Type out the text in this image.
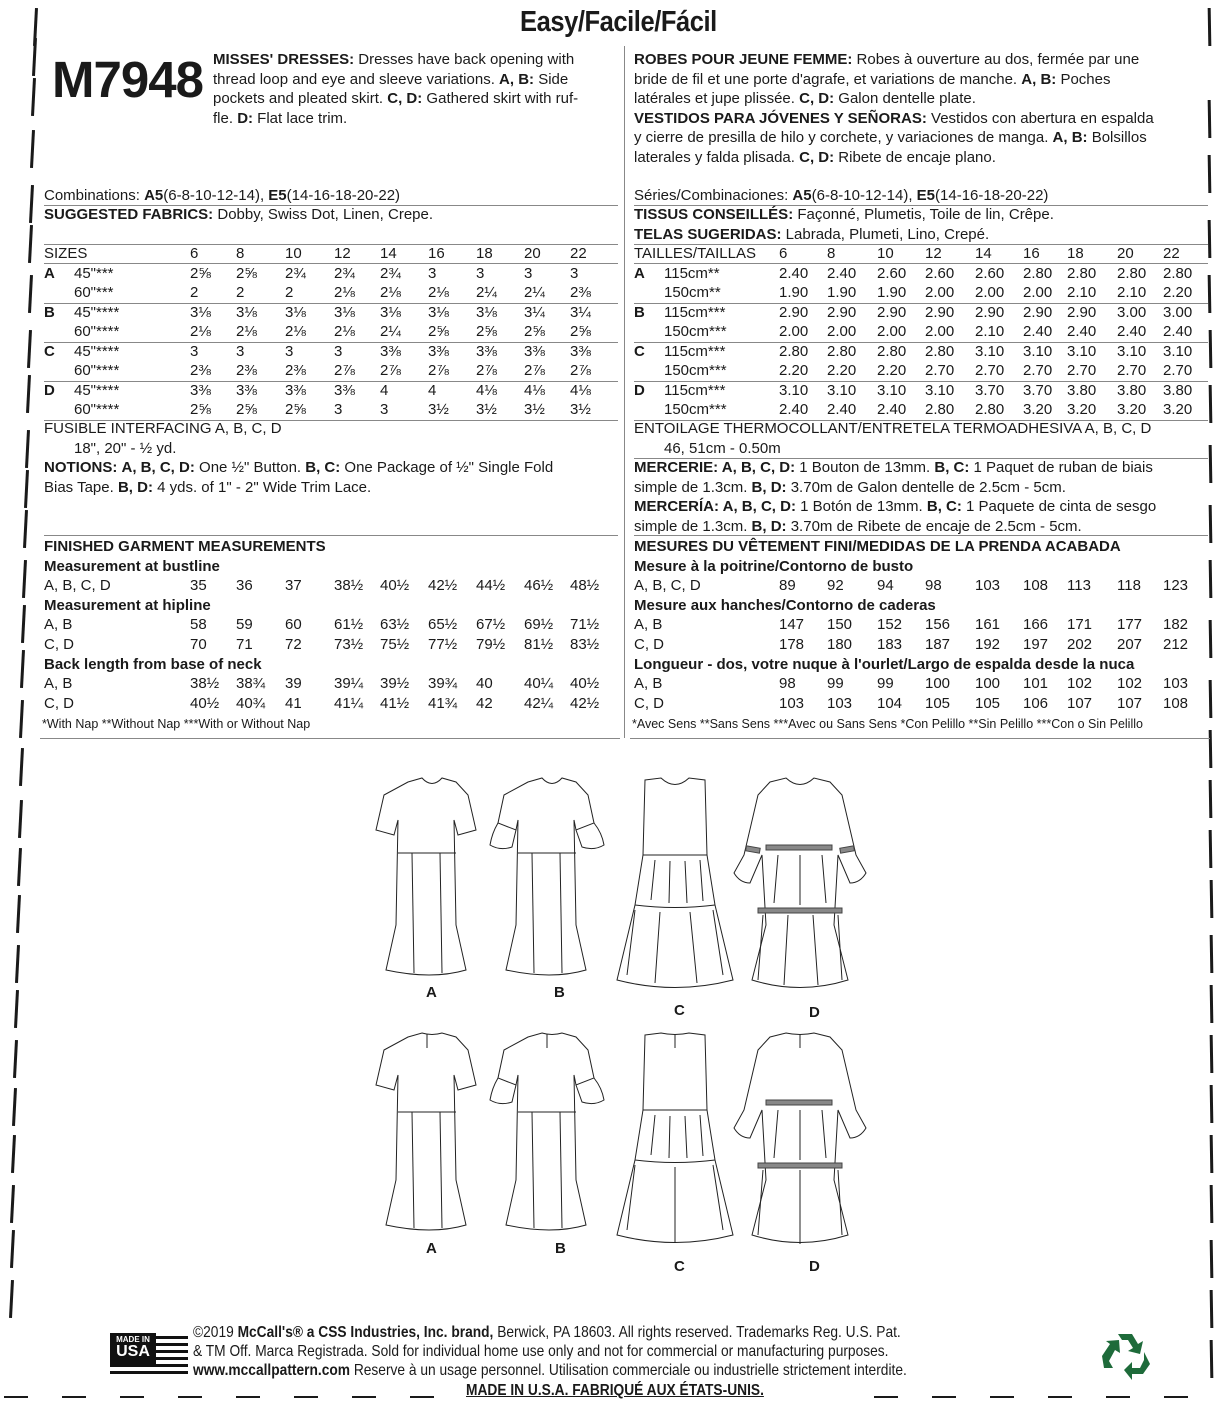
Easy/Facile/Fácil
M7948 MISSES' DRESSES: Dresses have back opening with
thread loop and eye and sleeve variations. A, B: Side
pockets and pleated skirt. C, D: Gathered skirt with ruf-
fle. D: Flat lace trim.
ROBES POUR JEUNE FEMME: Robes à ouverture au dos, fermée par une
bride de fil et une porte d'agrafe, et variations de manche. A, B: Poches
latérales et jupe plissée. C, D: Galon dentelle plate.
VESTIDOS PARA JÓVENES Y SEÑORAS: Vestidos con abertura en espalda
y cierre de presilla de hilo y corchete, y variaciones de manga. A, B: Bolsillos
laterales y falda plisada. C, D: Ribete de encaje plano.
Combinations: A5(6-8-10-12-14), E5(14-16-18-20-22)
SUGGESTED FABRICS: Dobby, Swiss Dot, Linen, Crepe.
SIZES	6	8	10 12 14 16 18 20 22
A 45"***	2⅝ 2⅝ 2¾ 2¾ 2¾ 3	3	3	3
60"***	2	2	2	2⅛ 2⅛ 2⅛ 2¼ 2¼ 2⅜
B 45"****	3⅛ 3⅛ 3⅛ 3⅛ 3⅛ 3⅛ 3⅛ 3¼ 3¼
60"****	2⅛ 2⅛ 2⅛ 2⅛ 2¼ 2⅝ 2⅝ 2⅝ 2⅝
C 45"****	3	3	3	3	3⅜ 3⅜ 3⅜ 3⅜ 3⅜
60"****	2⅜ 2⅜ 2⅜ 2⅞ 2⅞ 2⅞ 2⅞ 2⅞ 2⅞
D 45"****	3⅜ 3⅜ 3⅜ 3⅜ 4	4	4⅛ 4⅛ 4⅛
60"****	2⅝ 2⅝ 2⅝ 3	3	3½ 3½ 3½ 3½
FUSIBLE INTERFACING A, B, C, D
18", 20" - ½ yd.
NOTIONS: A, B, C, D: One ½" Button. B, C: One Package of ½" Single Fold
Bias Tape. B, D: 4 yds. of 1" - 2" Wide Trim Lace.
FINISHED GARMENT MEASUREMENTS
Measurement at bustline
A, B, C, D	35 36 37 38½ 40½ 42½ 44½ 46½ 48½
Measurement at hipline
A, B	58 59 60 61½ 63½ 65½ 67½ 69½ 71½
C, D	70 71 72 73½ 75½ 77½ 79½ 81½ 83½
Back length from base of neck
A, B	38½ 38¾ 39 39¼ 39½ 39¾ 40 40¼ 40½
C, D	40½ 40¾ 41 41¼ 41½ 41¾ 42 42¼ 42½
*With Nap **Without Nap ***With or Without Nap
Séries/Combinaciones: A5(6-8-10-12-14), E5(14-16-18-20-22)
TISSUS CONSEILLÉS: Façonné, Plumetis, Toile de lin, Crêpe.
TELAS SUGERIDAS: Labrada, Plumeti, Lino, Crepé.
TAILLES/TAILLAS 6	8	10 12 14 16 18 20 22
A 115cm**	2.40 2.40 2.60 2.60 2.60 2.80 2.80 2.80 2.80
150cm**	1.90 1.90 1.90 2.00 2.00 2.00 2.10 2.10 2.20
B 115cm***	2.90 2.90 2.90 2.90 2.90 2.90 2.90 3.00 3.00
150cm***	2.00 2.00 2.00 2.00 2.10 2.40 2.40 2.40 2.40
C 115cm***	2.80 2.80 2.80 2.80 3.10 3.10 3.10 3.10 3.10
150cm***	2.20 2.20 2.20 2.70 2.70 2.70 2.70 2.70 2.70
D 115cm***	3.10 3.10 3.10 3.10 3.70 3.70 3.80 3.80 3.80
150cm***	2.40 2.40 2.40 2.80 2.80 3.20 3.20 3.20 3.20
ENTOILAGE THERMOCOLLANT/ENTRETELA TERMOADHESIVA A, B, C, D
46, 51cm - 0.50m
MERCERIE: A, B, C, D: 1 Bouton de 13mm. B, C: 1 Paquet de ruban de biais
simple de 1.3cm. B, D: 3.70m de Galon dentelle de 2.5cm - 5cm.
MERCERÍA: A, B, C, D: 1 Botón de 13mm. B, C: 1 Paquete de cinta de sesgo
simple de 1.3cm. B, D: 3.70m de Ribete de encaje de 2.5cm - 5cm.
MESURES DU VÊTEMENT FINI/MEDIDAS DE LA PRENDA ACABADA
Mesure à la poitrine/Contorno de busto
A, B, C, D	89 92 94 98 103 108 113 118 123
Mesure aux hanches/Contorno de caderas
A, B	147 150 152 156 161 166 171 177 182
C, D	178 180 183 187 192 197 202 207 212
Longueur - dos, votre nuque à l'ourlet/Largo de espalda desde la nuca
A, B	98 99 99 100 100 101 102 102 103
C, D	103 103 104 105 105 106 107 107 108
*Avec Sens **Sans Sens ***Avec ou Sans Sens *Con Pelillo **Sin Pelillo ***Con o Sin Pelillo
A	B
C	D
A	B
C	D
MADE IN
USA
©2019 McCall's® a CSS Industries, Inc. brand, Berwick, PA 18603. All rights reserved. Trademarks Reg. U.S. Pat.
& TM Off. Marca Registrada. Sold for individual home use only and not for commercial or manufacturing purposes.
www.mccallpattern.com Reserve à un usage personnel. Utilisation commerciale ou industrielle strictement interdite.
MADE IN U.S.A. FABRIQUÉ AUX ÉTATS-UNIS.
